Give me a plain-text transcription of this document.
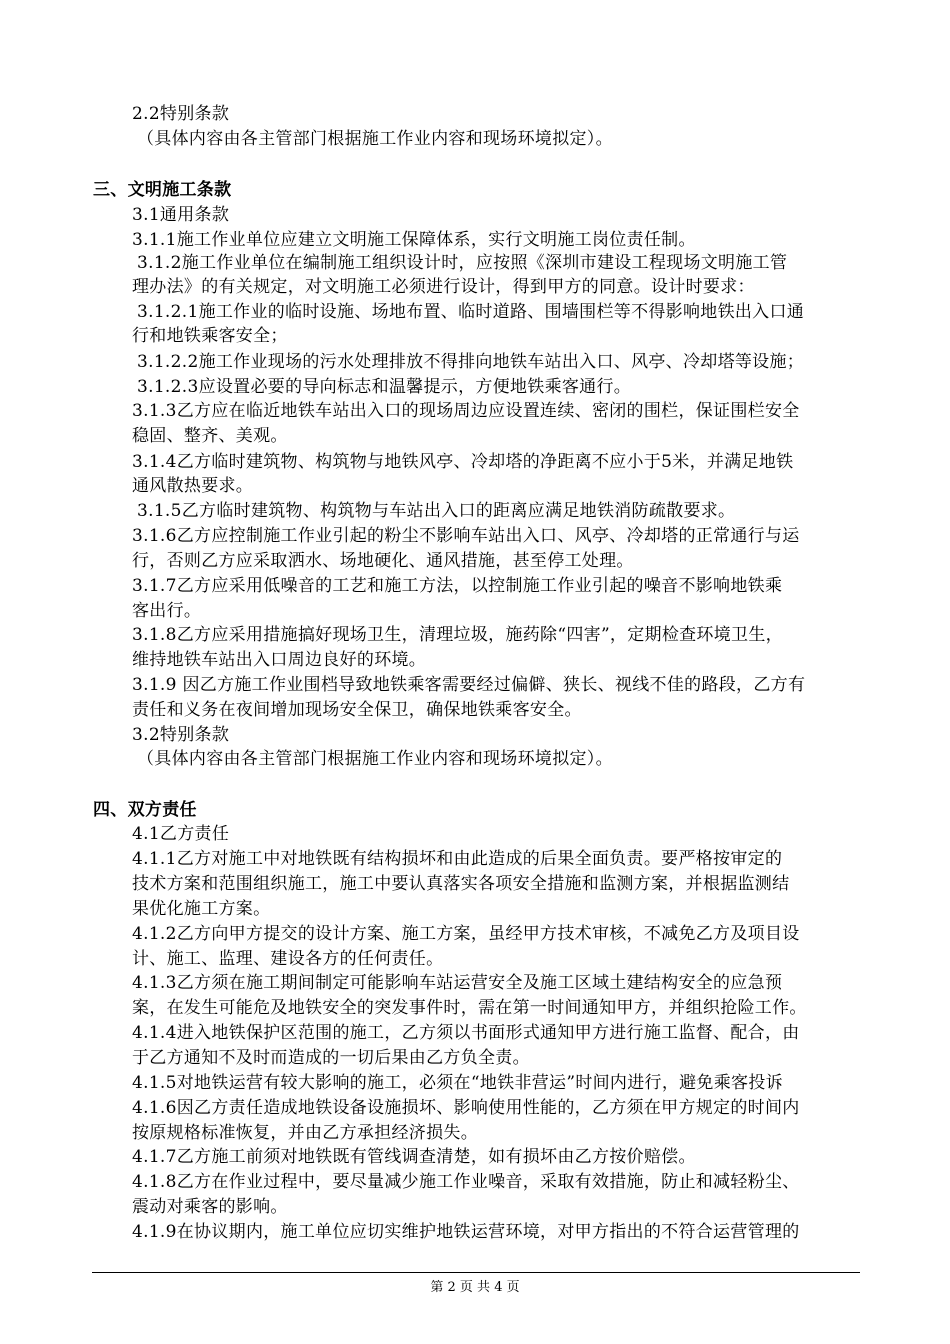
2.2特别条款
（具体内容由各主管部门根据施工作业内容和现场环境拟定）。
三、文明施工条款
3.1通用条款
3.1.1施工作业单位应建立文明施工保障体系，实行文明施工岗位责任制。
3.1.2施工作业单位在编制施工组织设计时，应按照《深圳市建设工程现场文明施工管
理办法》的有关规定，对文明施工必须进行设计，得到甲方的同意。设计时要求：
3.1.2.1施工作业的临时设施、场地布置、临时道路、围墙围栏等不得影响地铁出入口通
行和地铁乘客安全；
3.1.2.2施工作业现场的污水处理排放不得排向地铁车站出入口、风亭、冷却塔等设施；
3.1.2.3应设置必要的导向标志和温馨提示，方便地铁乘客通行。
3.1.3乙方应在临近地铁车站出入口的现场周边应设置连续、密闭的围栏，保证围栏安全
稳固、整齐、美观。
3.1.4乙方临时建筑物、构筑物与地铁风亭、冷却塔的净距离不应小于5米，并满足地铁
通风散热要求。
3.1.5乙方临时建筑物、构筑物与车站出入口的距离应满足地铁消防疏散要求。
3.1.6乙方应控制施工作业引起的粉尘不影响车站出入口、风亭、冷却塔的正常通行与运
行，否则乙方应采取洒水、场地硬化、通风措施，甚至停工处理。
3.1.7乙方应采用低噪音的工艺和施工方法，以控制施工作业引起的噪音不影响地铁乘
客出行。
3.1.8乙方应采用措施搞好现场卫生，清理垃圾，施药除“四害”，定期检查环境卫生，
维持地铁车站出入口周边良好的环境。
3.1.9 因乙方施工作业围档导致地铁乘客需要经过偏僻、狭长、视线不佳的路段，乙方有
责任和义务在夜间增加现场安全保卫，确保地铁乘客安全。
3.2特别条款
（具体内容由各主管部门根据施工作业内容和现场环境拟定）。
四、双方责任
4.1乙方责任
4.1.1乙方对施工中对地铁既有结构损坏和由此造成的后果全面负责。要严格按审定的
技术方案和范围组织施工，施工中要认真落实各项安全措施和监测方案，并根据监测结
果优化施工方案。
4.1.2乙方向甲方提交的设计方案、施工方案，虽经甲方技术审核，不减免乙方及项目设
计、施工、监理、建设各方的任何责任。
4.1.3乙方须在施工期间制定可能影响车站运营安全及施工区域土建结构安全的应急预
案，在发生可能危及地铁安全的突发事件时，需在第一时间通知甲方，并组织抢险工作。
4.1.4进入地铁保护区范围的施工，乙方须以书面形式通知甲方进行施工监督、配合，由
于乙方通知不及时而造成的一切后果由乙方负全责。
4.1.5对地铁运营有较大影响的施工，必须在“地铁非营运”时间内进行，避免乘客投诉
4.1.6因乙方责任造成地铁设备设施损坏、影响使用性能的，乙方须在甲方规定的时间内
按原规格标准恢复，并由乙方承担经济损失。
4.1.7乙方施工前须对地铁既有管线调查清楚，如有损坏由乙方按价赔偿。
4.1.8乙方在作业过程中，要尽量减少施工作业噪音，采取有效措施，防止和减轻粉尘、
震动对乘客的影响。
4.1.9在协议期内，施工单位应切实维护地铁运营环境，对甲方指出的不符合运营管理的
第 2 页 共 4 页
